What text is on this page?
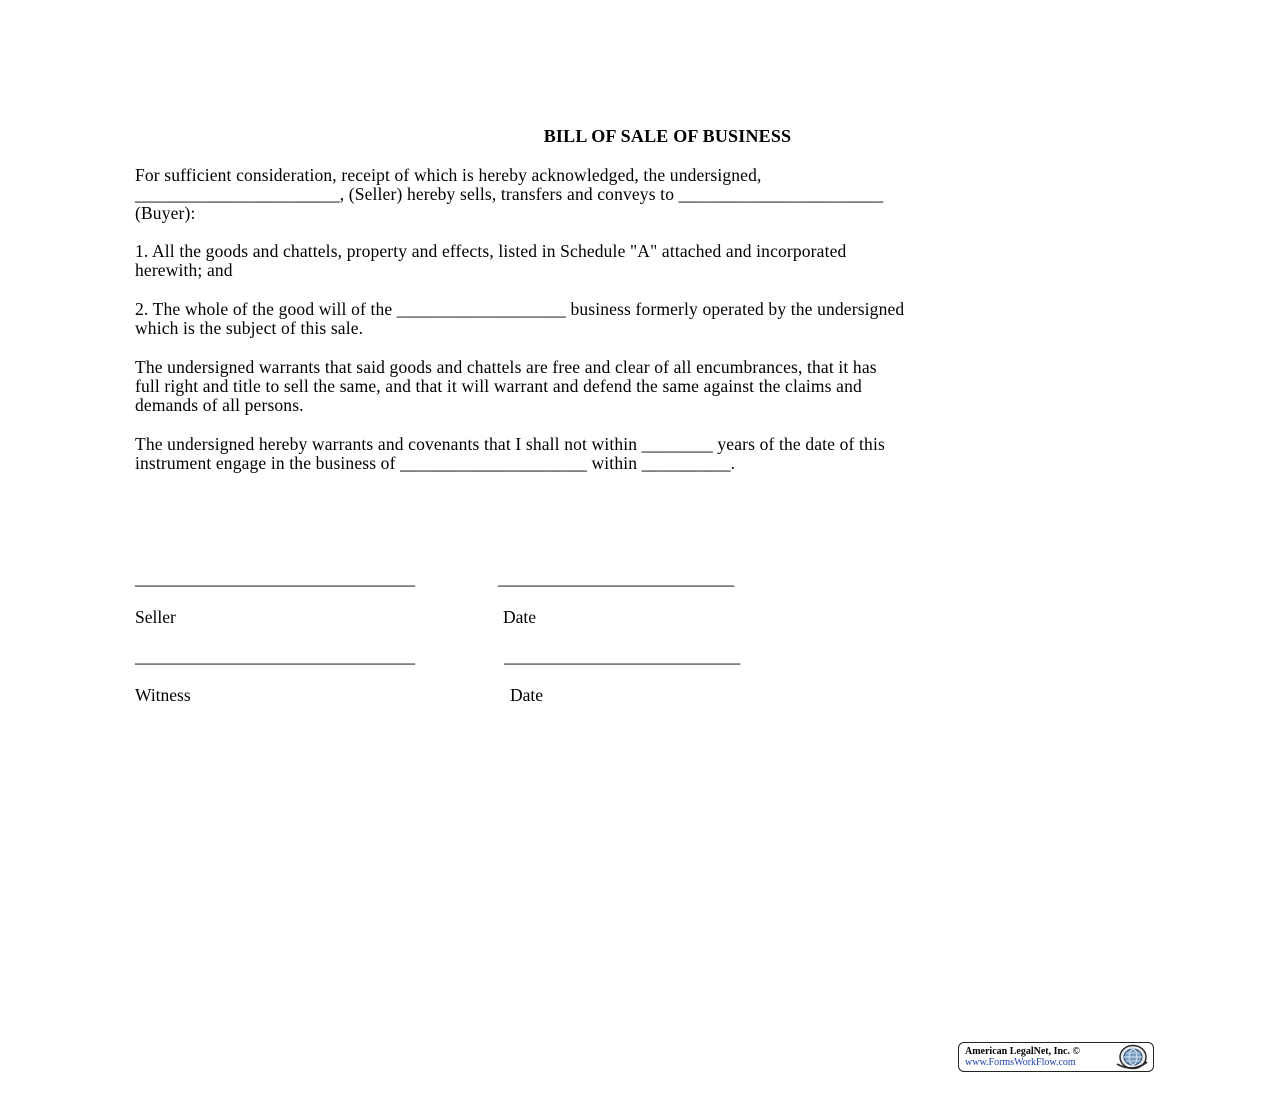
BILL OF SALE OF BUSINESS
For sufficient consideration, receipt of which is hereby acknowledged, the undersigned,
_______________________, (Seller) hereby sells, transfers and conveys to _______________________
(Buyer):
1. All the goods and chattels, property and effects, listed in Schedule "A" attached and incorporated
herewith; and
2. The whole of the good will of the ___________________ business formerly operated by the undersigned
which is the subject of this sale.
The undersigned warrants that said goods and chattels are free and clear of all encumbrances, that it has
full right and title to sell the same, and that it will warrant and defend the same against the claims and
demands of all persons.
The undersigned hereby warrants and covenants that I shall not within ________ years of the date of this
instrument engage in the business of _____________________ within __________.
________________________________	___________________________
Seller	Date
________________________________	___________________________
Witness	Date
American LegalNet, Inc. ©
www.FormsWorkFlow.com
